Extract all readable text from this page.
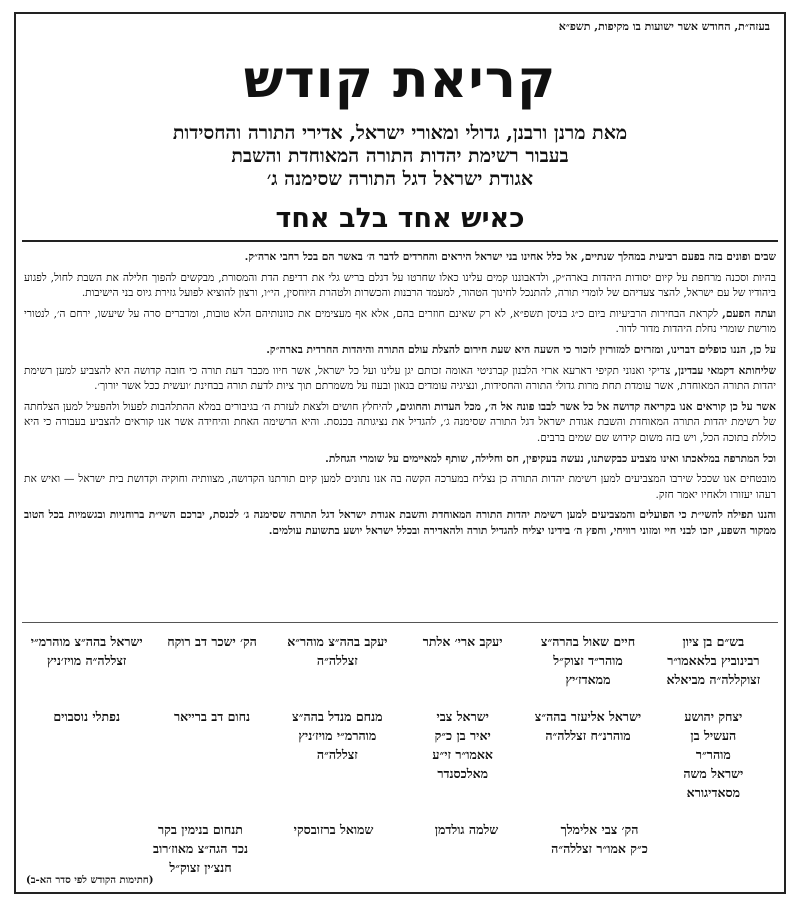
בעזה״ת, החודש אשר ישועות בו מקיפות, תשפ״א
קריאת קודש
מאת מרנן ורבנן, גדולי ומאורי ישראל, אדירי התורה והחסידות
בעבור רשימת יהדות התורה המאוחדת והשבת
אגודת ישראל דגל התורה שסימנה ג׳
כאיש אחד בלב אחד

שבים ופונים בזה בפעם רביעית במהלך שנתיים, אל כלל אחינו בני ישראל היראים והחרדים לדבר ה׳ באשר הם בכל רחבי ארה״ק.

בהיות וסכנה מרחפת על קיום יסודות היהדות בארה״ק, ולדאבוננו קמים עלינו כאלו שחרטו על דגלם בריש גלי את רדיפת הדת והמסורת, מבקשים להפוך חלילה את השבת לחול, לפגוע ביהודיו של עם ישראל, להצר צעדיהם של לומדי תורה, להתנכל לחינוך הטהור, למעמד הרבנות והכשרות ולטהרת היוחסין, הי״ו, ורצון להוציא לפועל גזירת גיוס בני הישיבות.

ועתה הפעם, לקראת הבחירות הרביעיות ביום כ״ג בניסן תשפ״א, לא רק שאינם חוזרים בהם, אלא אף מעצימים את כוונותיהם הלא טובות, ומדברים סרה על שיעשו, ירחם ה׳, לנטורי מורשת שומרי נחלת היהדות מדור לדור.

על כן, הננו כופלים דברינו, ומזרזים למזורזין לזכור כי השעה היא שעת חירום להצלת עולם התורה והיהדות החרדית בארה״ק.

שליחותא דקמאי עבדינן, צדיקי ואנוני תקיפי דארעא ארזי הלבנון קברניטי האומה זכותם יגן עלינו ועל כל ישראל, אשר חיוו מכבר דעת תורה כי חובה קדושה היא להצביע למען רשימת יהדות התורה המאוחדת, אשר עומדת תחת מרות גדולי התורה והחסידות, ונציגיה עומדים בגאון ובעוז על משמרתם תוך ציות לדעת תורה בבחינת ׳ועשית ככל אשר יורוך׳.

אשר על כן קוראים אנו בקריאה קדושה אל כל אשר לבבו פונה אל ה׳, מכל העדות והחוגים, להיחלץ חושים ולצאת לעזרת ה׳ בגיבורים במלא ההתלהבות לפעול ולהפעיל למען הצלחתה של רשימת יהדות התורה המאוחדת והשבת אגודת ישראל דגל התורה שסימנה ג׳, להגדיל את נציגותה בכנסת. והיא הרשימה האחת והיחידה אשר אנו קוראים להצביע בעבורה כי היא כוללת בתוכה הכל, ויש בזה משום קידוש שם שמים ברבים.

וכל המתרפה במלאכתו ואינו מצביע כבקשתנו, נעשה בעקיפין, חס וחלילה, שותף למאיימים על שומרי הגחלת.

מובטחים אנו שככל שירבו המצביעים למען רשימת יהדות התורה כן נצליח במערכה הקשה בה אנו נתונים למען קיום תורתנו הקדושה, מצוותיה וחוקיה וקדושת בית ישראל — ואיש את רעהו יעזורו ולאחיו יאמר חזק.

והננו תפילה להשי״ת כי הפועלים והמצביעים למען רשימת יהדות התורה המאוחדת והשבת אגודת ישראל דגל התורה שסימנה ג׳ לכנסת, יברכם השי״ת ברוחניות ובגשמיות בכל הטוב ממקור השפע, יזכו לבני חיי ומזוני רוויחי, וחפץ ה׳ בידינו יצליח להגדיל תורה ולהאדירה ובכלל ישראל יושע בתשועת עולמים.

בש״ם בן ציון
רבינוביץ בלאאמו״ר
זצוקללה״ה מביאלא
חיים שאול בהרה״צ
מוהר״ד זצוק״ל
ממאדז׳יץ
יעקב ארי׳ אלתר
יעקב בהה״צ מוהר״א
זצללה״ה
הק׳ ישכר דב רוקח
ישראל בהה״צ מוהרמ״י
זצללה״ה מויז׳ניץ
יצחק יהושע
העשיל בן
מוהר״ר
ישראל משה
מסאדיגורא
ישראל אליעזר בהה״צ
מוהרנ״ח זצללה״ה
ישראל צבי
יאיר בן כ״ק
אאמו״ר זי״ע
מאלכסנדר
מנחם מנדל בהה״צ
מוהרמ״י מויז׳ניץ
זצללה״ה
נחום דב ברייאר
נפתלי נוסבוים
הק׳ צבי אלימלך
כ״ק אמו״ר זצללה״ה
שלמה גולדמן
שמואל ברזובסקי
תנחום בנימין בקר
נכד הגה״צ מאוז׳רוב
חנצ׳ין זצוק״ל
(חתימות הקודש לפי סדר הא-ב)
